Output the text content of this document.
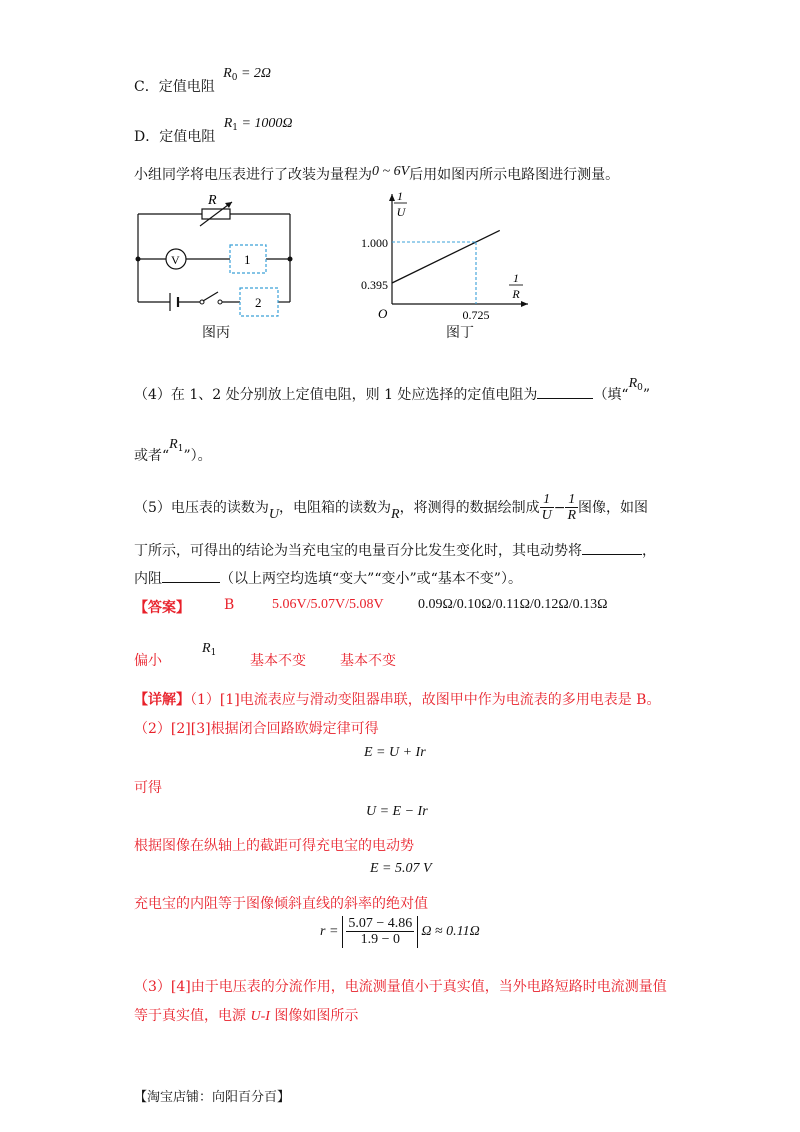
C．定值电阻 $R_0 = 2\Omega$
D．定值电阻 $R_1 = 1000\Omega$
小组同学将电压表进行了改装为量程为0 ~ 6V后用如图丙所示电路图进行测量。
R
V	1
2
图丙
1
U
1
R
O
1.000
0.395
0.725
图丁
（4）在 1、2 处分别放上定值电阻，则 1 处应选择的定值电阻为	（填“$R_0$”
或者“$R_1$”）。
（5）电压表的读数为U，电阻箱的读数为R，将测得的数据绘制成 $\frac{1}{U} - \frac{1}{R}$ 图像，如图
丁所示，可得出的结论为当充电宝的电量百分比发生变化时，其电动势将	，
内阻	（以上两空均选填“变大”“变小”或“基本不变”）。
【答案】 B	5.06V/5.07V/5.08V 0.09Ω/0.10Ω/0.11Ω/0.12Ω/0.13Ω
偏小
$R_1$ 基本不变 基本不变
【详解】（1）[1]电流表应与滑动变阻器串联，故图甲中作为电流表的多用电表是 B。
（2）[2][3]根据闭合回路欧姆定律可得
E = U + Ir
可得
U = E − Ir
根据图像在纵轴上的截距可得充电宝的电动势
E = 5.07 V
充电宝的内阻等于图像倾斜直线的斜率的绝对值
$r = \frac{5.07 - 4.86}{1.9 - 0}$ Ω ≈ 0.11Ω
（3）[4]由于电压表的分流作用，电流测量值小于真实值，当外电路短路时电流测量值
等于真实值，电源 U-I 图像如图所示
【淘宝店铺：向阳百分百】
